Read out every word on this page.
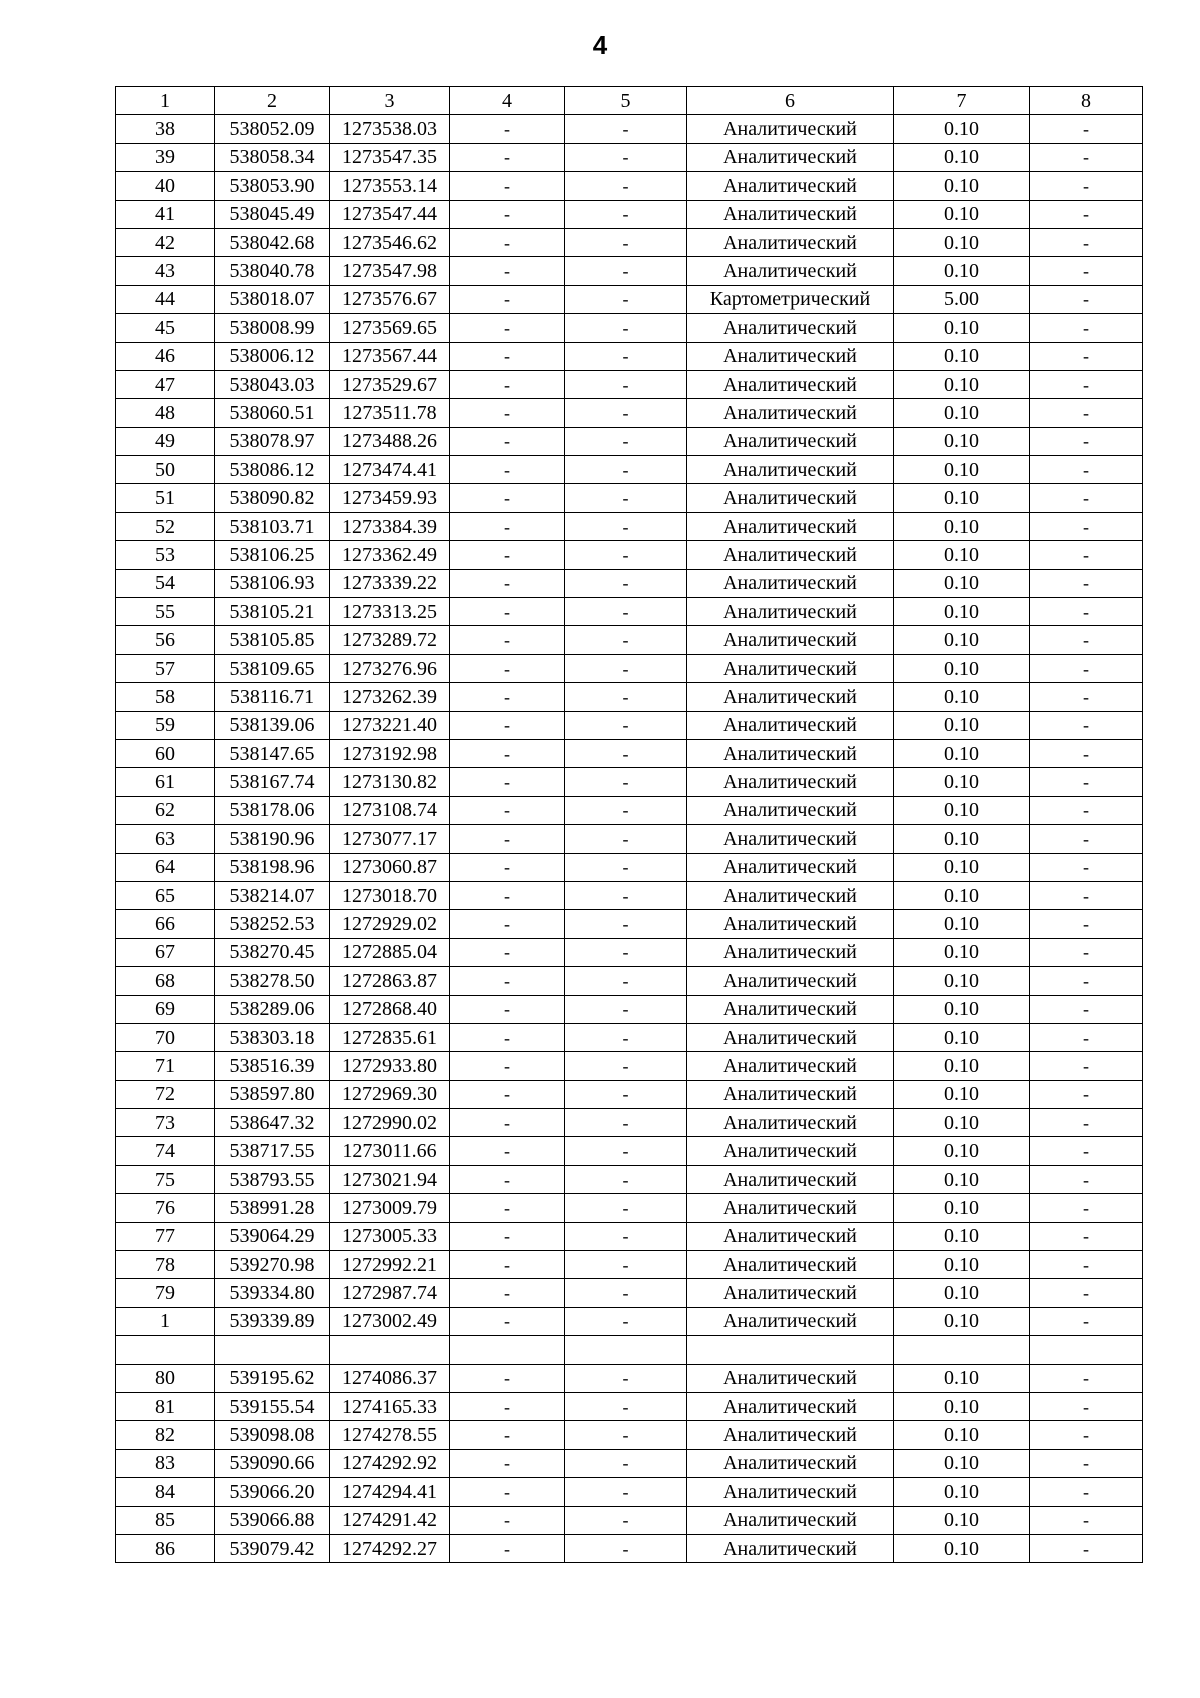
4
1	2	3	4	5	6	7	8
38	538052.09	1273538.03	-	-	Аналитический	0.10	-
39	538058.34	1273547.35	-	-	Аналитический	0.10	-
40	538053.90	1273553.14	-	-	Аналитический	0.10	-
41	538045.49	1273547.44	-	-	Аналитический	0.10	-
42	538042.68	1273546.62	-	-	Аналитический	0.10	-
43	538040.78	1273547.98	-	-	Аналитический	0.10	-
44	538018.07	1273576.67	-	-	Картометрический	5.00	-
45	538008.99	1273569.65	-	-	Аналитический	0.10	-
46	538006.12	1273567.44	-	-	Аналитический	0.10	-
47	538043.03	1273529.67	-	-	Аналитический	0.10	-
48	538060.51	1273511.78	-	-	Аналитический	0.10	-
49	538078.97	1273488.26	-	-	Аналитический	0.10	-
50	538086.12	1273474.41	-	-	Аналитический	0.10	-
51	538090.82	1273459.93	-	-	Аналитический	0.10	-
52	538103.71	1273384.39	-	-	Аналитический	0.10	-
53	538106.25	1273362.49	-	-	Аналитический	0.10	-
54	538106.93	1273339.22	-	-	Аналитический	0.10	-
55	538105.21	1273313.25	-	-	Аналитический	0.10	-
56	538105.85	1273289.72	-	-	Аналитический	0.10	-
57	538109.65	1273276.96	-	-	Аналитический	0.10	-
58	538116.71	1273262.39	-	-	Аналитический	0.10	-
59	538139.06	1273221.40	-	-	Аналитический	0.10	-
60	538147.65	1273192.98	-	-	Аналитический	0.10	-
61	538167.74	1273130.82	-	-	Аналитический	0.10	-
62	538178.06	1273108.74	-	-	Аналитический	0.10	-
63	538190.96	1273077.17	-	-	Аналитический	0.10	-
64	538198.96	1273060.87	-	-	Аналитический	0.10	-
65	538214.07	1273018.70	-	-	Аналитический	0.10	-
66	538252.53	1272929.02	-	-	Аналитический	0.10	-
67	538270.45	1272885.04	-	-	Аналитический	0.10	-
68	538278.50	1272863.87	-	-	Аналитический	0.10	-
69	538289.06	1272868.40	-	-	Аналитический	0.10	-
70	538303.18	1272835.61	-	-	Аналитический	0.10	-
71	538516.39	1272933.80	-	-	Аналитический	0.10	-
72	538597.80	1272969.30	-	-	Аналитический	0.10	-
73	538647.32	1272990.02	-	-	Аналитический	0.10	-
74	538717.55	1273011.66	-	-	Аналитический	0.10	-
75	538793.55	1273021.94	-	-	Аналитический	0.10	-
76	538991.28	1273009.79	-	-	Аналитический	0.10	-
77	539064.29	1273005.33	-	-	Аналитический	0.10	-
78	539270.98	1272992.21	-	-	Аналитический	0.10	-
79	539334.80	1272987.74	-	-	Аналитический	0.10	-
1	539339.89	1273002.49	-	-	Аналитический	0.10	-

80	539195.62	1274086.37	-	-	Аналитический	0.10	-
81	539155.54	1274165.33	-	-	Аналитический	0.10	-
82	539098.08	1274278.55	-	-	Аналитический	0.10	-
83	539090.66	1274292.92	-	-	Аналитический	0.10	-
84	539066.20	1274294.41	-	-	Аналитический	0.10	-
85	539066.88	1274291.42	-	-	Аналитический	0.10	-
86	539079.42	1274292.27	-	-	Аналитический	0.10	-
